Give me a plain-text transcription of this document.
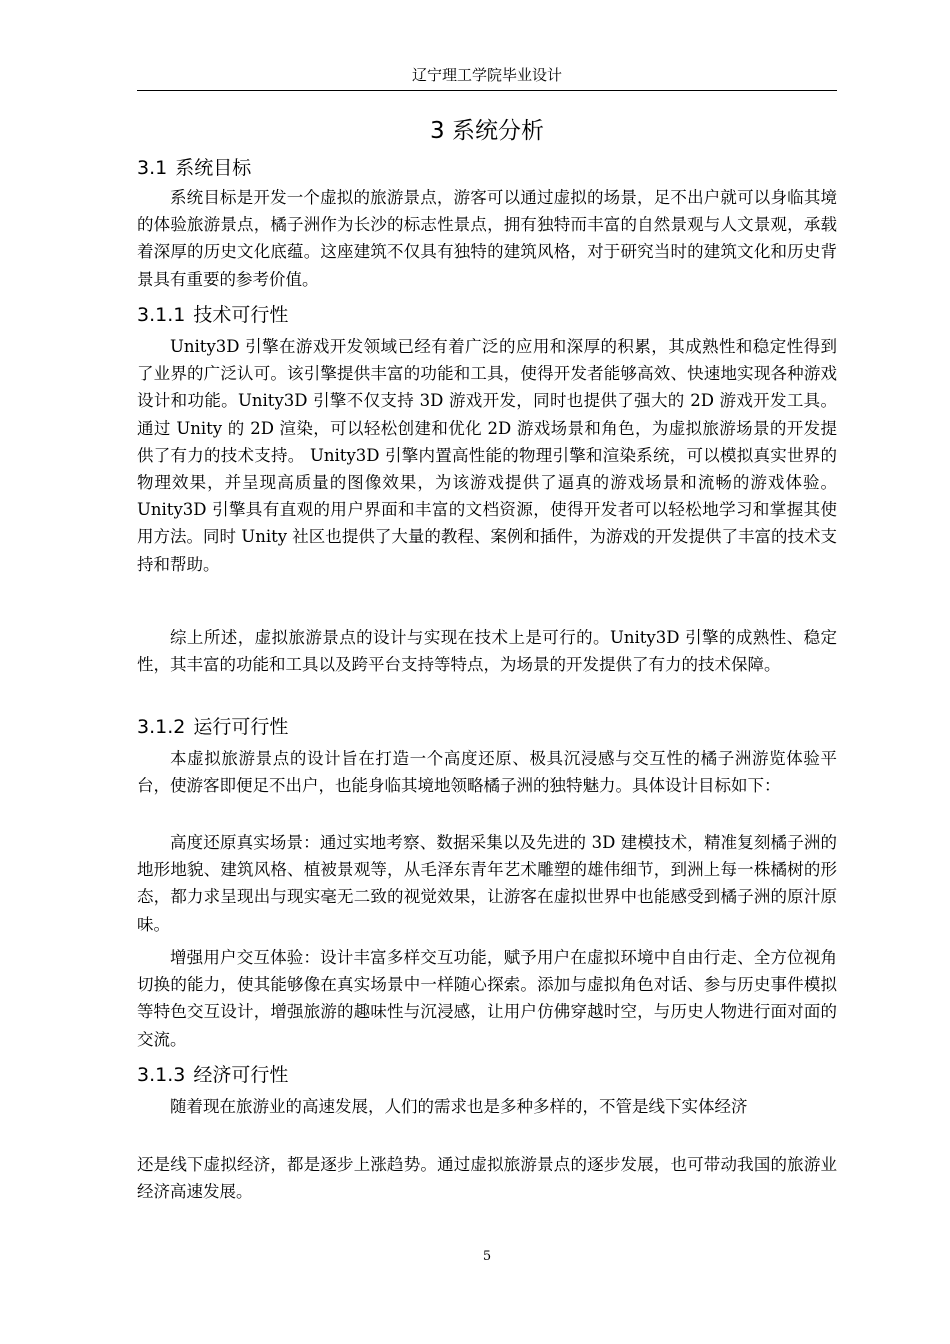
辽宁理工学院毕业设计
3 系统分析
3.1 系统目标

系统目标是开发一个虚拟的旅游景点，游客可以通过虚拟的场景，足不出户就可以身临其境的体验旅游景点，橘子洲作为长沙的标志性景点，拥有独特而丰富的自然景观与人文景观，承载着深厚的历史文化底蕴。这座建筑不仅具有独特的建筑风格，对于研究当时的建筑文化和历史背景具有重要的参考价值。

3.1.1 技术可行性

Unity3D 引擎在游戏开发领域已经有着广泛的应用和深厚的积累，其成熟性和稳定性得到了业界的广泛认可。该引擎提供丰富的功能和工具，使得开发者能够高效、快速地实现各种游戏设计和功能。Unity3D 引擎不仅支持 3D 游戏开发，同时也提供了强大的 2D 游戏开发工具。通过 Unity 的 2D 渲染，可以轻松创建和优化 2D 游戏场景和角色，为虚拟旅游场景的开发提供了有力的技术支持。 Unity3D 引擎内置高性能的物理引擎和渲染系统，可以模拟真实世界的物理效果，并呈现高质量的图像效果，为该游戏提供了逼真的游戏场景和流畅的游戏体验。 Unity3D 引擎具有直观的用户界面和丰富的文档资源，使得开发者可以轻松地学习和掌握其使用方法。同时 Unity 社区也提供了大量的教程、案例和插件，为游戏的开发提供了丰富的技术支持和帮助。

综上所述，虚拟旅游景点的设计与实现在技术上是可行的。Unity3D 引擎的成熟性、稳定性，其丰富的功能和工具以及跨平台支持等特点，为场景的开发提供了有力的技术保障。

3.1.2 运行可行性

本虚拟旅游景点的设计旨在打造一个高度还原、极具沉浸感与交互性的橘子洲游览体验平台，使游客即便足不出户，也能身临其境地领略橘子洲的独特魅力。具体设计目标如下：

高度还原真实场景：通过实地考察、数据采集以及先进的 3D 建模技术，精准复刻橘子洲的地形地貌、建筑风格、植被景观等，从毛泽东青年艺术雕塑的雄伟细节，到洲上每一株橘树的形态，都力求呈现出与现实毫无二致的视觉效果，让游客在虚拟世界中也能感受到橘子洲的原汁原味。

增强用户交互体验：设计丰富多样交互功能，赋予用户在虚拟环境中自由行走、全方位视角切换的能力，使其能够像在真实场景中一样随心探索。添加与虚拟角色对话、参与历史事件模拟等特色交互设计，增强旅游的趣味性与沉浸感，让用户仿佛穿越时空，与历史人物进行面对面的交流。

3.1.3 经济可行性

随着现在旅游业的高速发展，人们的需求也是多种多样的，不管是线下实体经济

还是线下虚拟经济，都是逐步上涨趋势。通过虚拟旅游景点的逐步发展，也可带动我国的旅游业经济高速发展。

5
